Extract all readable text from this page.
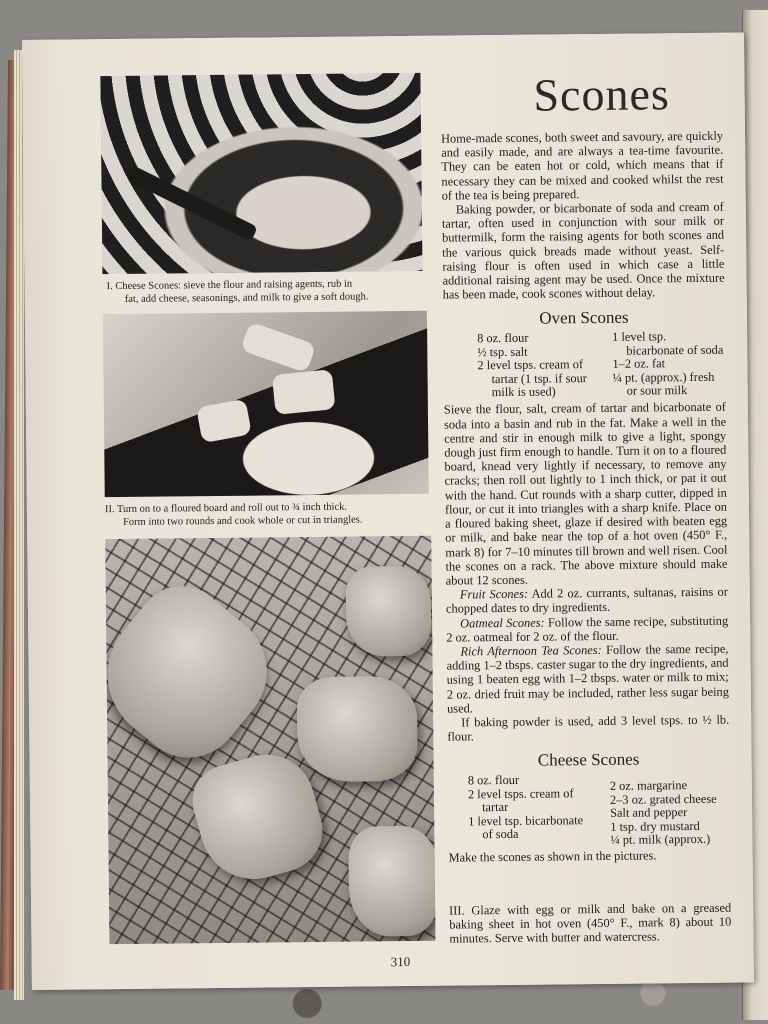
I. Cheese Scones: sieve the flour and raising agents, rub in
fat, add cheese, seasonings, and milk to give a soft dough.
II. Turn on to a floured board and roll out to ¾ inch thick.
Form into two rounds and cook whole or cut in triangles.
Scones

Home-made scones, both sweet and savoury, are quickly and easily made, and are always a tea-time favourite. They can be eaten hot or cold, which means that if necessary they can be mixed and cooked whilst the rest of the tea is being prepared.

Baking powder, or bicarbonate of soda and cream of tartar, often used in conjunction with sour milk or buttermilk, form the raising agents for both scones and the various quick breads made without yeast. Self-raising flour is often used in which case a little additional raising agent may be used. Once the mixture has been made, cook scones without delay.

Oven Scones
8 oz. flour
½ tsp. salt
2 level tsps. cream of tartar (1 tsp. if sour milk is used)
1 level tsp. bicarbonate of soda
1–2 oz. fat
¼ pt. (approx.) fresh or sour milk

Sieve the flour, salt, cream of tartar and bicarbonate of soda into a basin and rub in the fat. Make a well in the centre and stir in enough milk to give a light, spongy dough just firm enough to handle. Turn it on to a floured board, knead very lightly if necessary, to remove any cracks; then roll out lightly to 1 inch thick, or pat it out with the hand. Cut rounds with a sharp cutter, dipped in flour, or cut it into triangles with a sharp knife. Place on a floured baking sheet, glaze if desired with beaten egg or milk, and bake near the top of a hot oven (450° F., mark 8) for 7–10 minutes till brown and well risen. Cool the scones on a rack. The above mixture should make about 12 scones.

Fruit Scones: Add 2 oz. currants, sultanas, raisins or chopped dates to dry ingredients.

Oatmeal Scones: Follow the same recipe, substituting 2 oz. oatmeal for 2 oz. of the flour.

Rich Afternoon Tea Scones: Follow the same recipe, adding 1–2 tbsps. caster sugar to the dry ingredients, and using 1 beaten egg with 1–2 tbsps. water or milk to mix; 2 oz. dried fruit may be included, rather less sugar being used.

If baking powder is used, add 3 level tsps. to ½ lb. flour.

Cheese Scones
8 oz. flour
2 level tsps. cream of tartar
1 level tsp. bicarbonate of soda
2 oz. margarine
2–3 oz. grated cheese
Salt and pepper
1 tsp. dry mustard
¼ pt. milk (approx.)

Make the scones as shown in the pictures.

III. Glaze with egg or milk and bake on a greased baking sheet in hot oven (450° F., mark 8) about 10 minutes. Serve with butter and watercress.
310
